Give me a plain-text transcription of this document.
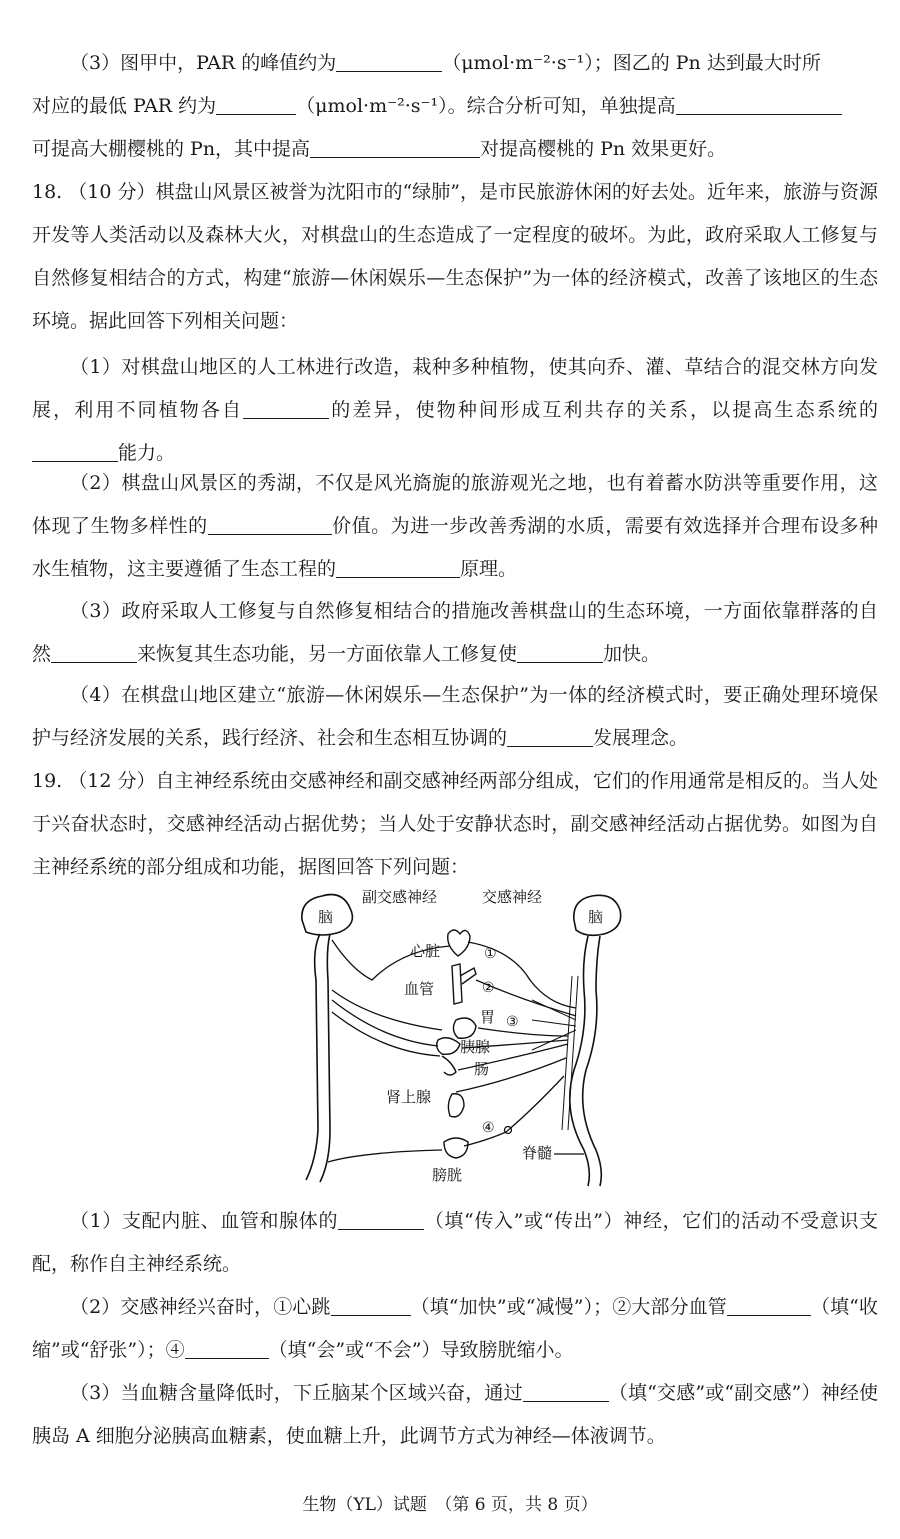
（3）图甲中，PAR 的峰值约为	（μmol·m⁻²·s⁻¹）；图乙的 Pn 达到最大时所

对应的最低 PAR 约为	（μmol·m⁻²·s⁻¹）。综合分析可知，单独提高

可提高大棚樱桃的 Pn，其中提高	对提高樱桃的 Pn 效果更好。

18. （10 分）棋盘山风景区被誉为沈阳市的“绿肺”，是市民旅游休闲的好去处。近年来，旅游与资源开发等人类活动以及森林大火，对棋盘山的生态造成了一定程度的破坏。为此，政府采取人工修复与自然修复相结合的方式，构建“旅游—休闲娱乐—生态保护”为一体的经济模式，改善了该地区的生态环境。据此回答下列相关问题：

（1）对棋盘山地区的人工林进行改造，栽种多种植物，使其向乔、灌、草结合的混交林方向发展，利用不同植物各自	的差异，使物种间形成互利共存的关系，以提高生态系统的能力。

（2）棋盘山风景区的秀湖，不仅是风光旖旎的旅游观光之地，也有着蓄水防洪等重要作用，这体现了生物多样性的	价值。为进一步改善秀湖的水质，需要有效选择并合理布设多种水生植物，这主要遵循了生态工程的	原理。

（3）政府采取人工修复与自然修复相结合的措施改善棋盘山的生态环境，一方面依靠群落的自然	来恢复其生态功能，另一方面依靠人工修复使	加快。

（4）在棋盘山地区建立“旅游—休闲娱乐—生态保护”为一体的经济模式时，要正确处理环境保护与经济发展的关系，践行经济、社会和生态相互协调的	发展理念。

19. （12 分）自主神经系统由交感神经和副交感神经两部分组成，它们的作用通常是相反的。当人处于兴奋状态时，交感神经活动占据优势；当人处于安静状态时，副交感神经活动占据优势。如图为自主神经系统的部分组成和功能，据图回答下列问题：

副交感神经	交感神经
脑	脑
心脏	①
血管	②
胃 ③
胰腺
肠
肾上腺
④
膀胱
脊髓

（1）支配内脏、血管和腺体的	（填“传入”或“传出”）神经，它们的活动不受意识支配，称作自主神经系统。

（2）交感神经兴奋时，①心跳	（填“加快”或“减慢”）；②大部分血管	（填“收缩”或“舒张”）；④	（填“会”或“不会”）导致膀胱缩小。

（3）当血糖含量降低时，下丘脑某个区域兴奋，通过	（填“交感”或“副交感”）神经使胰岛 A 细胞分泌胰高血糖素，使血糖上升，此调节方式为神经—体液调节。

生物（YL）试题　（第 6 页，共 8 页）
